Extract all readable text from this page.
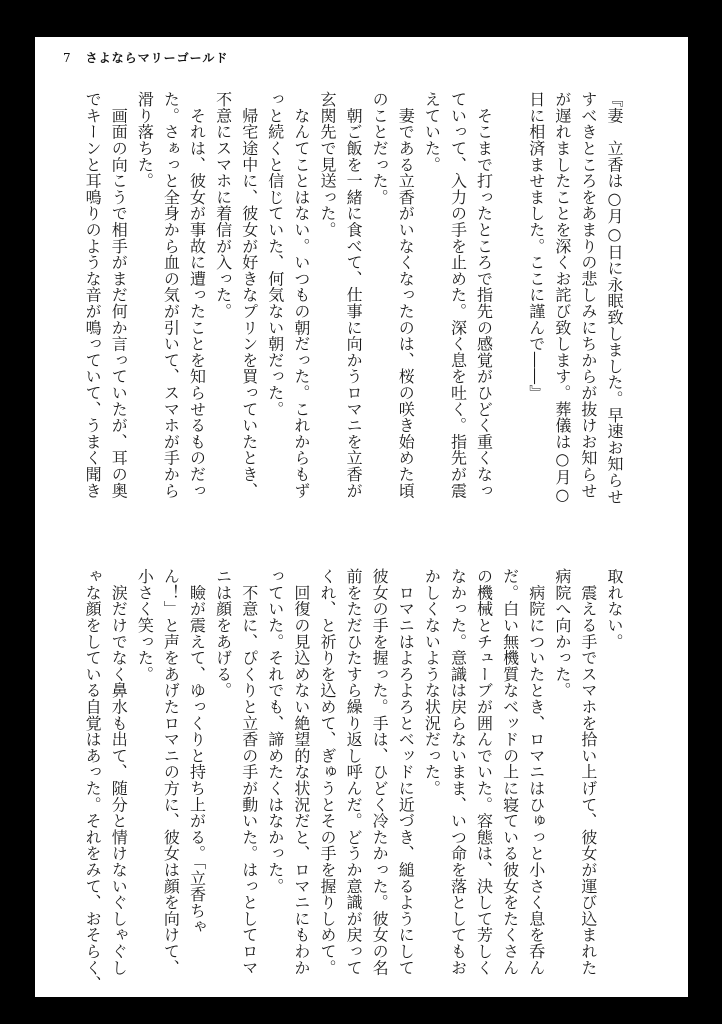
7 さよならマリーゴールド
『妻　立香は○月○日に永眠致しました。早速お知らせ
すべきところをあまりの悲しみにちからが抜けお知らせ
が遅れましたことを深くお詫び致します。葬儀は○月○
日に相済ませました。ここに謹んで――』
　そこまで打ったところで指先の感覚がひどく重くなっ
ていって、入力の手を止めた。深く息を吐く。指先が震
えていた。
　妻である立香がいなくなったのは、桜の咲き始めた頃
のことだった。
　朝ご飯を一緒に食べて、仕事に向かうロマニを立香が
玄関先で見送った。
　なんてことはない。いつもの朝だった。これからもず
っと続くと信じていた、何気ない朝だった。
　帰宅途中に、彼女が好きなプリンを買っていたとき、
不意にスマホに着信が入った。
　それは、彼女が事故に遭ったことを知らせるものだっ
た。さぁっと全身から血の気が引いて、スマホが手から
滑り落ちた。
　画面の向こうで相手がまだ何か言っていたが、耳の奥
でキーンと耳鳴りのような音が鳴っていて、うまく聞き
取れない。
　震える手でスマホを拾い上げて、彼女が運び込まれた
病院へ向かった。
　病院についたとき、ロマニはひゅっと小さく息を呑ん
だ。白い無機質なベッドの上に寝ている彼女をたくさん
の機械とチューブが囲んでいた。容態は、決して芳しく
なかった。意識は戻らないまま、いつ命を落としてもお
かしくないような状況だった。
　ロマニはよろよろとベッドに近づき、縋るようにして
彼女の手を握った。手は、ひどく冷たかった。彼女の名
前をただひたすら繰り返し呼んだ。どうか意識が戻って
くれ、と祈りを込めて、ぎゅうとその手を握りしめて。
　回復の見込めない絶望的な状況だと、ロマニにもわか
っていた。それでも、諦めたくはなかった。
　不意に、ぴくりと立香の手が動いた。はっとしてロマ
ニは顔をあげる。
　瞼が震えて、ゆっくりと持ち上がる。「立香ちゃ
ん！」と声をあげたロマニの方に、彼女は顔を向けて、
小さく笑った。
　涙だけでなく鼻水も出て、随分と情けないぐしゃぐし
ゃな顔をしている自覚はあった。それをみて、おそらく、
